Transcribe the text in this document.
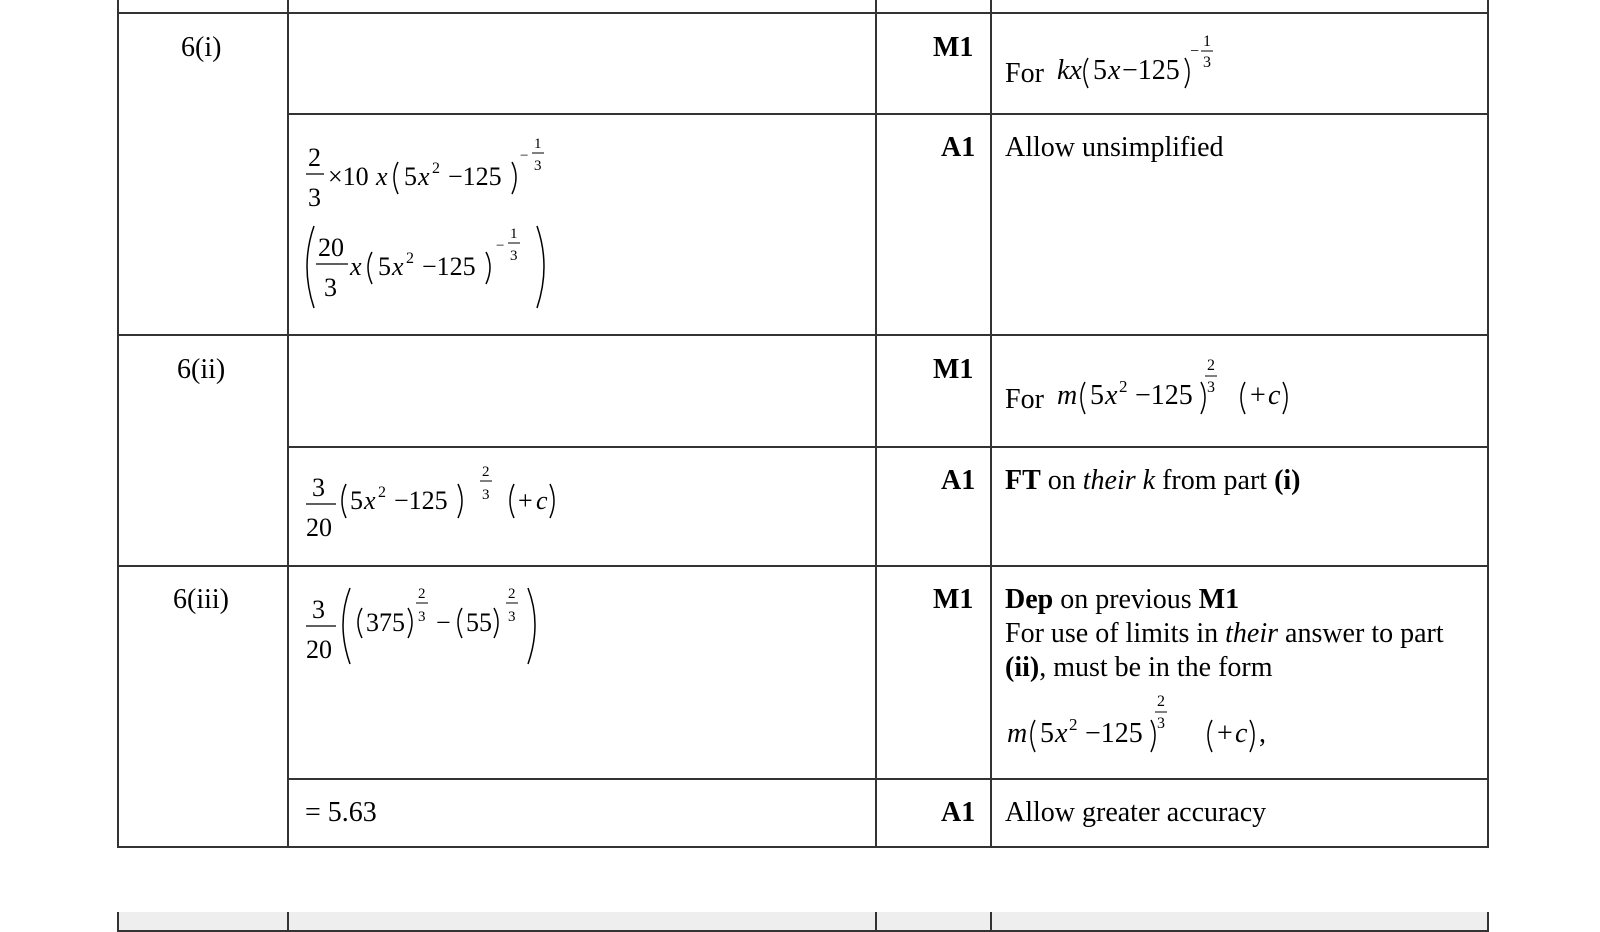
6(i)
6(ii)
6(iii)
M1
A1
M1
A1
M1
A1
For kx 5 x −125
−
1
3
Allow unsimplified
For m 5 x 2 −125
2
3 + c
FT on their k from part (i)
Dep on previous M1
For use of limits in their answer to part
(ii), must be in the form
m 5 x 2 −125
2
3 + c ,
Allow greater accuracy
2
3
×10 x 5 x 2 −125
−
1
3
20
3
x 5 x 2 −125
−
1
3
3
20
5 x 2 −125
2
3 + c
3
20
375
2
3 − 55
2
3
= 5.63
